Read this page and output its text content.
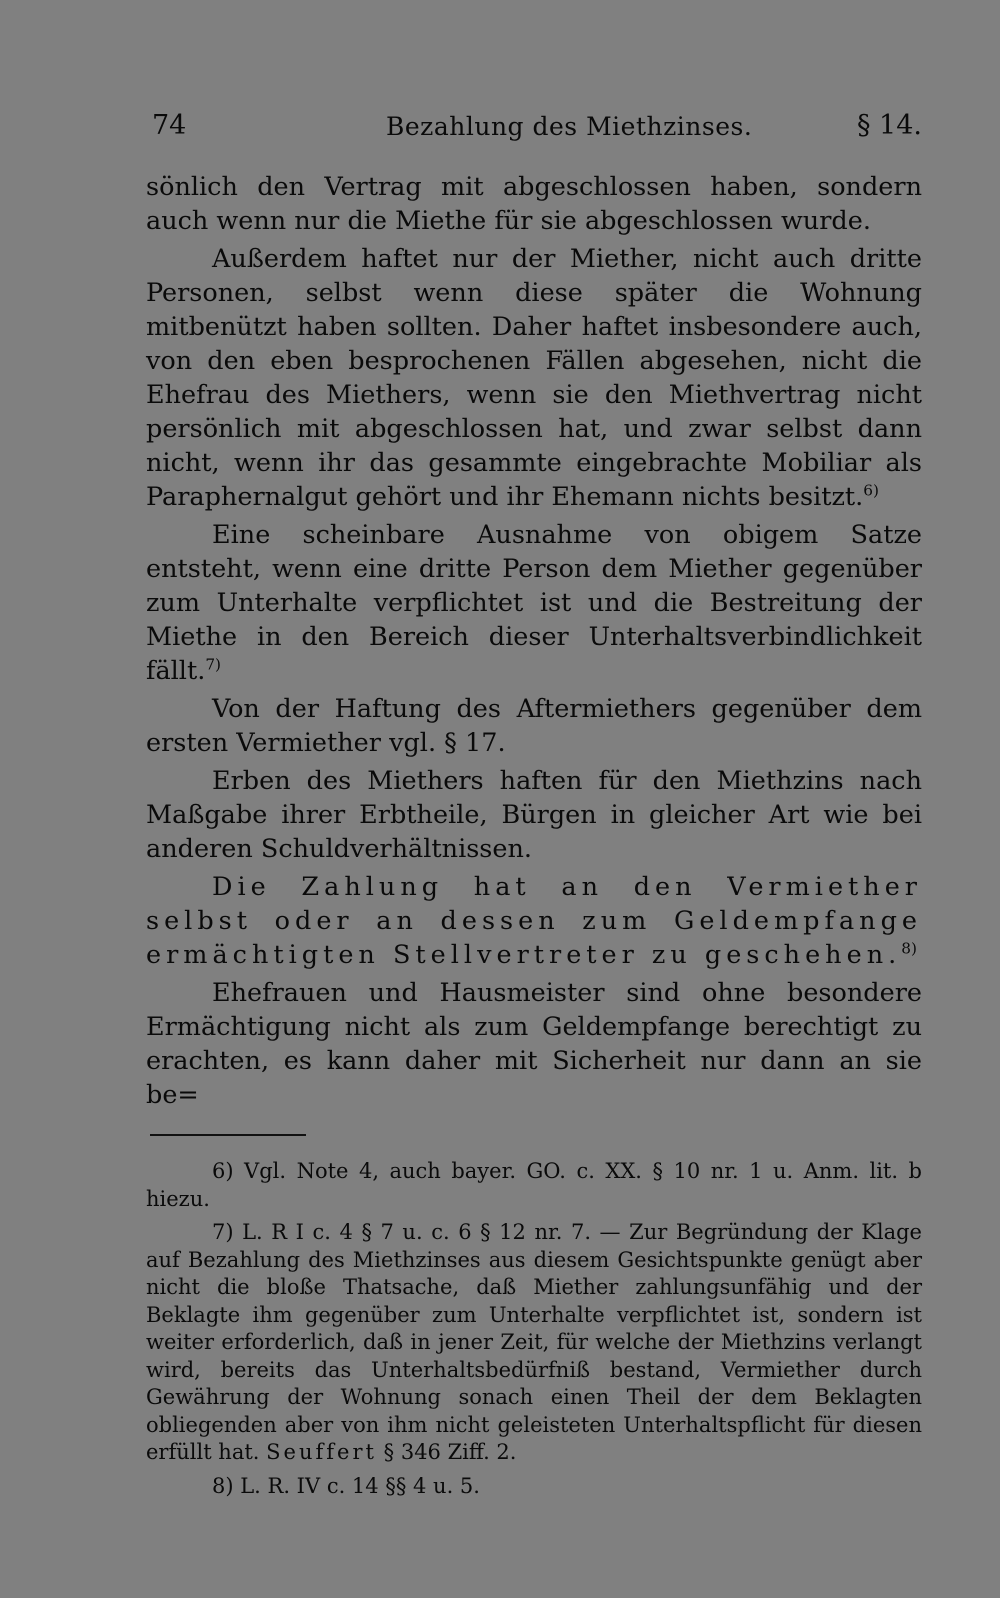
74	Bezahlung des Miethzinses.	§ 14.

sönlich den Vertrag mit abgeschlossen haben, sondern auch wenn nur die Miethe für sie abgeschlossen wurde.

Außerdem haftet nur der Miether, nicht auch dritte Personen, selbst wenn diese später die Wohnung mitbenützt haben sollten. Daher haftet insbesondere auch, von den eben besprochenen Fällen abgesehen, nicht die Ehefrau des Miethers, wenn sie den Miethvertrag nicht persönlich mit abgeschlossen hat, und zwar selbst dann nicht, wenn ihr das gesammte eingebrachte Mobiliar als Paraphernalgut gehört und ihr Ehemann nichts besitzt.$^{6)}$

Eine scheinbare Ausnahme von obigem Satze entsteht, wenn eine dritte Person dem Miether gegenüber zum Unterhalte verpflichtet ist und die Bestreitung der Miethe in den Bereich dieser Unterhaltsverbindlichkeit fällt.$^{7)}$

Von der Haftung des Aftermiethers gegenüber dem ersten Vermiether vgl. § 17.

Erben des Miethers haften für den Miethzins nach Maßgabe ihrer Erbtheile, Bürgen in gleicher Art wie bei anderen Schuldverhältnissen.

Die Zahlung hat an den Vermiether selbst oder an dessen zum Geldempfange ermächtigten Stellvertreter zu geschehen.$^{8)}$

Ehefrauen und Hausmeister sind ohne besondere Ermächtigung nicht als zum Geldempfange berechtigt zu erachten, es kann daher mit Sicherheit nur dann an sie be=

6) Vgl. Note 4, auch bayer. GO. c. XX. § 10 nr. 1 u. Anm. lit. b hiezu.

7) L. R I c. 4 § 7 u. c. 6 § 12 nr. 7. — Zur Begründung der Klage auf Bezahlung des Miethzinses aus diesem Gesichtspunkte genügt aber nicht die bloße Thatsache, daß Miether zahlungsunfähig und der Beklagte ihm gegenüber zum Unterhalte verpflichtet ist, sondern ist weiter erforderlich, daß in jener Zeit, für welche der Miethzins verlangt wird, bereits das Unterhaltsbedürfniß bestand, Vermiether durch Gewährung der Wohnung sonach einen Theil der dem Beklagten obliegenden aber von ihm nicht geleisteten Unterhaltspflicht für diesen erfüllt hat. Seuffert § 346 Ziff. 2.

8) L. R. IV c. 14 §§ 4 u. 5.
